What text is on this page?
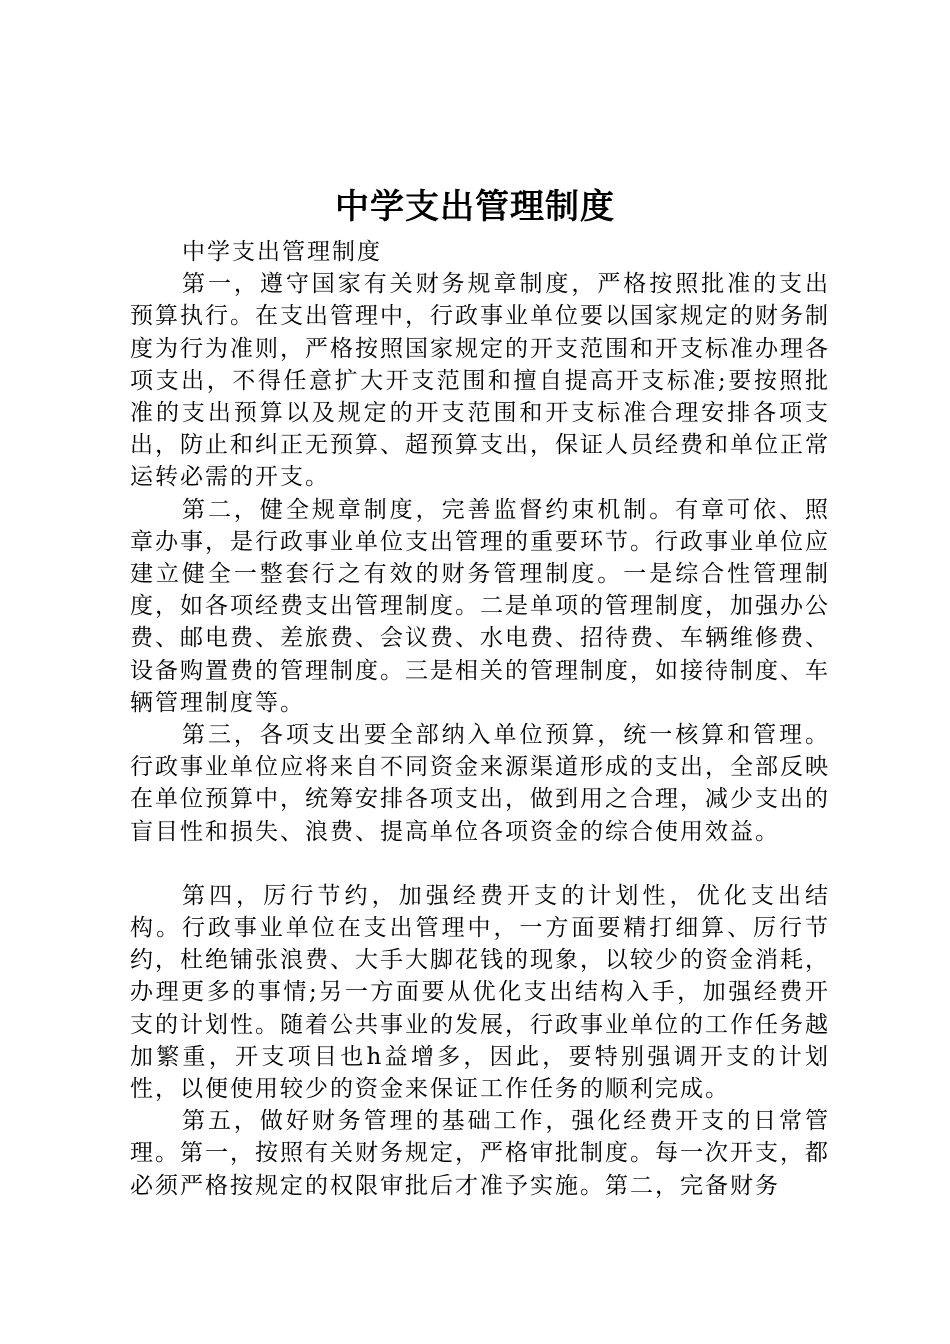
中学支出管理制度
中学支出管理制度

第一，遵守国家有关财务规章制度，严格按照批准的支出预算执行。在支出管理中，行政事业单位要以国家规定的财务制度为行为准则，严格按照国家规定的开支范围和开支标准办理各项支出，不得任意扩大开支范围和擅自提高开支标准;要按照批准的支出预算以及规定的开支范围和开支标准合理安排各项支出，防止和纠正无预算、超预算支出，保证人员经费和单位正常运转必需的开支。

第二，健全规章制度，完善监督约束机制。有章可依、照章办事，是行政事业单位支出管理的重要环节。行政事业单位应建立健全一整套行之有效的财务管理制度。一是综合性管理制度，如各项经费支出管理制度。二是单项的管理制度，加强办公费、邮电费、差旅费、会议费、水电费、招待费、车辆维修费、设备购置费的管理制度。三是相关的管理制度，如接待制度、车辆管理制度等。

第三，各项支出要全部纳入单位预算，统一核算和管理。行政事业单位应将来自不同资金来源渠道形成的支出，全部反映在单位预算中，统筹安排各项支出，做到用之合理，减少支出的盲目性和损失、浪费、提高单位各项资金的综合使用效益。

第四，厉行节约，加强经费开支的计划性，优化支出结构。行政事业单位在支出管理中，一方面要精打细算、厉行节约，杜绝铺张浪费、大手大脚花钱的现象，以较少的资金消耗，办理更多的事情;另一方面要从优化支出结构入手，加强经费开支的计划性。随着公共事业的发展，行政事业单位的工作任务越加繁重，开支项目也h益增多，因此，要特别强调开支的计划性，以便使用较少的资金来保证工作任务的顺利完成。

第五，做好财务管理的基础工作，强化经费开支的日常管理。第一，按照有关财务规定，严格审批制度。每一次开支，都必须严格按规定的权限审批后才准予实施。第二，完备财务
